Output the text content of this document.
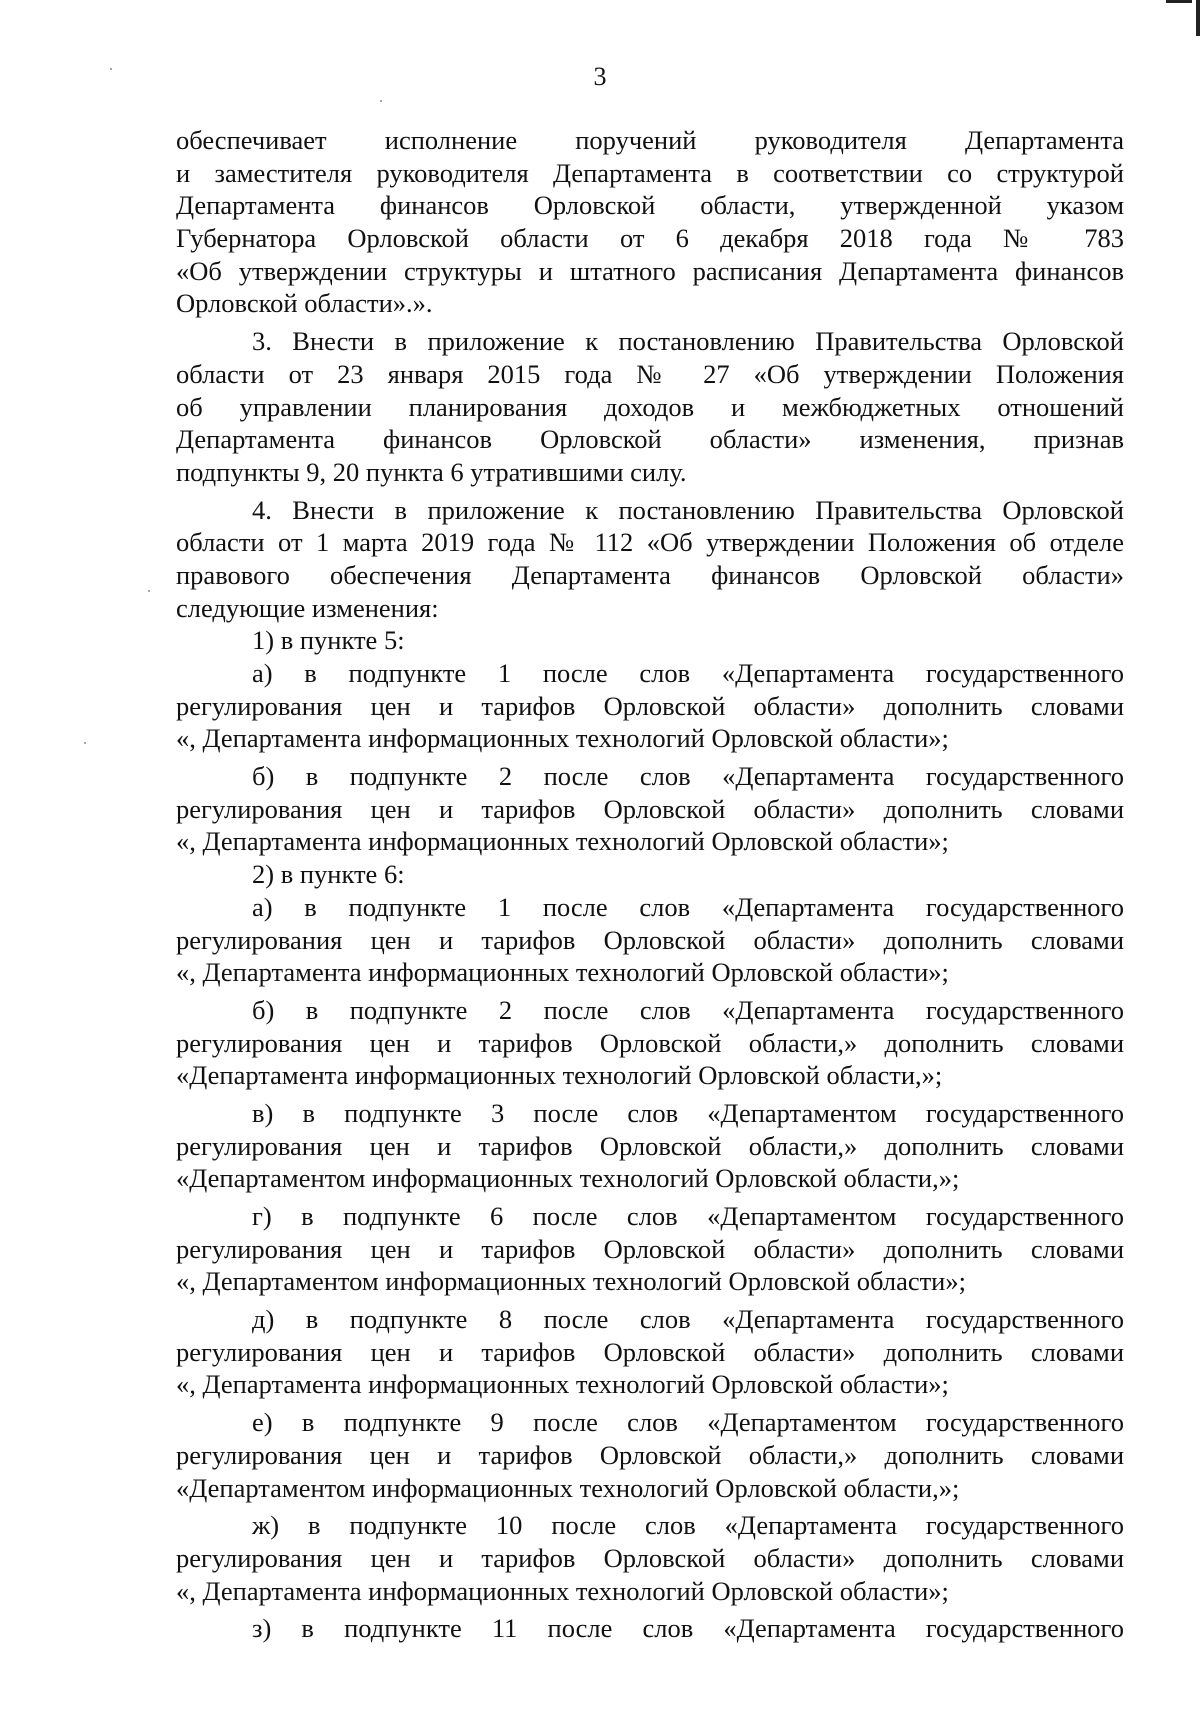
3
обеспечивает исполнение поручений руководителя Департамента
и заместителя руководителя Департамента в соответствии со структурой
Департамента финансов Орловской области, утвержденной указом
Губернатора Орловской области от 6 декабря 2018 года № 783
«Об утверждении структуры и штатного расписания Департамента финансов
Орловской области».».
3. Внести в приложение к постановлению Правительства Орловской
области от 23 января 2015 года № 27 «Об утверждении Положения
об управлении планирования доходов и межбюджетных отношений
Департамента финансов Орловской области» изменения, признав
подпункты 9, 20 пункта 6 утратившими силу.
4. Внести в приложение к постановлению Правительства Орловской
области от 1 марта 2019 года № 112 «Об утверждении Положения об отделе
правового обеспечения Департамента финансов Орловской области»
следующие изменения:
1) в пункте 5:
а) в подпункте 1 после слов «Департамента государственного
регулирования цен и тарифов Орловской области» дополнить словами
«, Департамента информационных технологий Орловской области»;
б) в подпункте 2 после слов «Департамента государственного
регулирования цен и тарифов Орловской области» дополнить словами
«, Департамента информационных технологий Орловской области»;
2) в пункте 6:
а) в подпункте 1 после слов «Департамента государственного
регулирования цен и тарифов Орловской области» дополнить словами
«, Департамента информационных технологий Орловской области»;
б) в подпункте 2 после слов «Департамента государственного
регулирования цен и тарифов Орловской области,» дополнить словами
«Департамента информационных технологий Орловской области,»;
в) в подпункте 3 после слов «Департаментом государственного
регулирования цен и тарифов Орловской области,» дополнить словами
«Департаментом информационных технологий Орловской области,»;
г) в подпункте 6 после слов «Департаментом государственного
регулирования цен и тарифов Орловской области» дополнить словами
«, Департаментом информационных технологий Орловской области»;
д) в подпункте 8 после слов «Департамента государственного
регулирования цен и тарифов Орловской области» дополнить словами
«, Департамента информационных технологий Орловской области»;
е) в подпункте 9 после слов «Департаментом государственного
регулирования цен и тарифов Орловской области,» дополнить словами
«Департаментом информационных технологий Орловской области,»;
ж) в подпункте 10 после слов «Департамента государственного
регулирования цен и тарифов Орловской области» дополнить словами
«, Департамента информационных технологий Орловской области»;
з) в подпункте 11 после слов «Департамента государственного
